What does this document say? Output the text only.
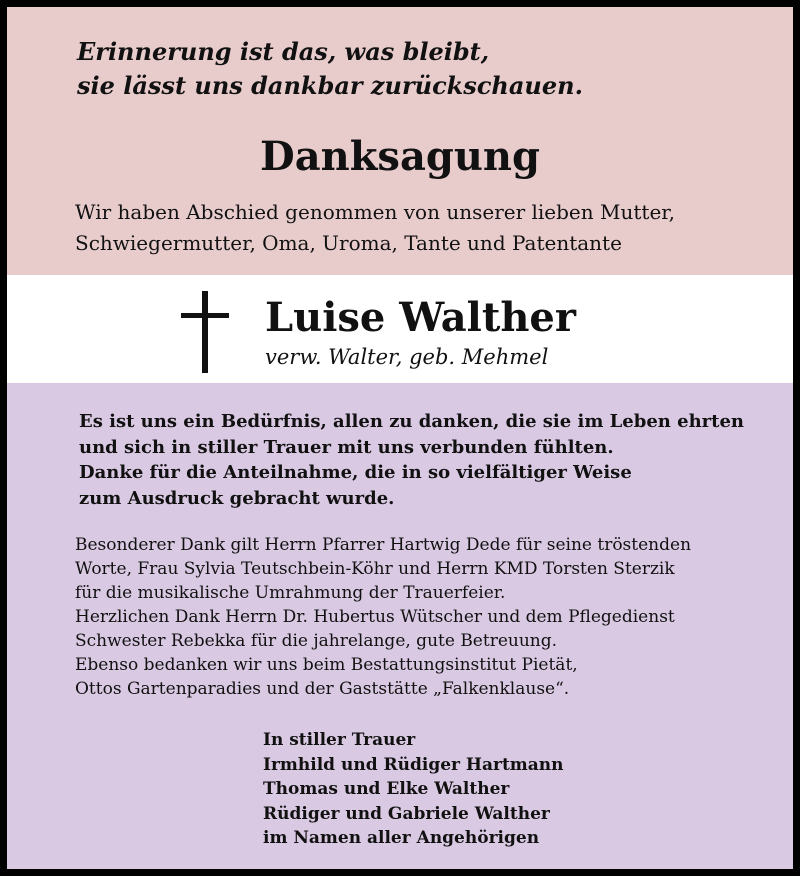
Erinnerung ist das, was bleibt,
sie lässt uns dankbar zurückschauen.
Danksagung
Wir haben Abschied genommen von unserer lieben Mutter,
Schwiegermutter, Oma, Uroma, Tante und Patentante
Luise Walther
verw. Walter, geb. Mehmel
Es ist uns ein Bedürfnis, allen zu danken, die sie im Leben ehrten
und sich in stiller Trauer mit uns verbunden fühlten.
Danke für die Anteilnahme, die in so vielfältiger Weise
zum Ausdruck gebracht wurde.
Besonderer Dank gilt Herrn Pfarrer Hartwig Dede für seine tröstenden
Worte, Frau Sylvia Teutschbein-Köhr und Herrn KMD Torsten Sterzik
für die musikalische Umrahmung der Trauerfeier.
Herzlichen Dank Herrn Dr. Hubertus Wütscher und dem Pflegedienst
Schwester Rebekka für die jahrelange, gute Betreuung.
Ebenso bedanken wir uns beim Bestattungsinstitut Pietät,
Ottos Gartenparadies und der Gaststätte „Falkenklause“.
In stiller Trauer
Irmhild und Rüdiger Hartmann
Thomas und Elke Walther
Rüdiger und Gabriele Walther
im Namen aller Angehörigen
